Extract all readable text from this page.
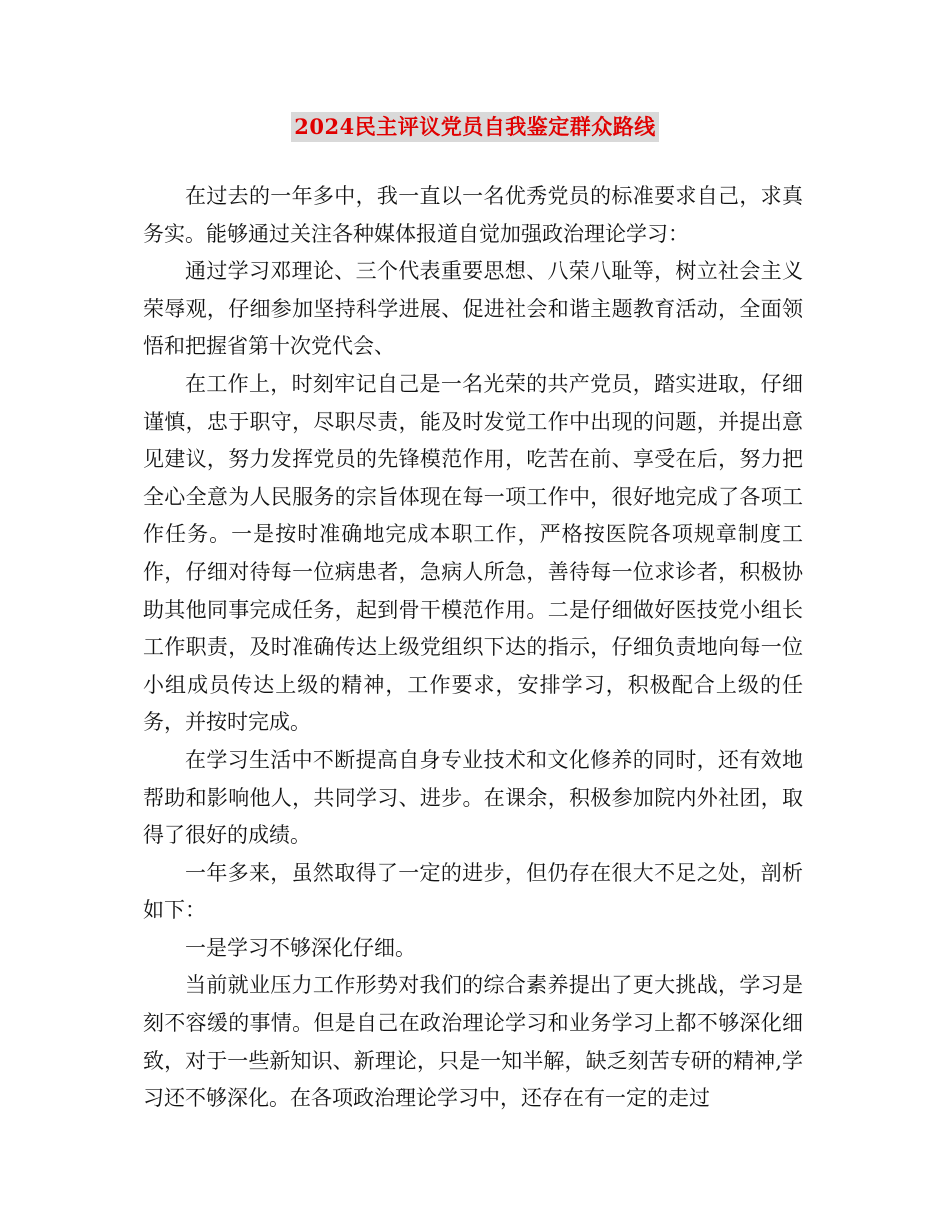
2024民主评议党员自我鉴定群众路线

在过去的一年多中，我一直以一名优秀党员的标准要求自己，求真务实。能够通过关注各种媒体报道自觉加强政治理论学习：

通过学习邓理论、三个代表重要思想、八荣八耻等，树立社会主义荣辱观，仔细参加坚持科学进展、促进社会和谐主题教育活动，全面领悟和把握省第十次党代会、

在工作上，时刻牢记自己是一名光荣的共产党员，踏实进取，仔细谨慎，忠于职守，尽职尽责，能及时发觉工作中出现的问题，并提出意见建议，努力发挥党员的先锋模范作用，吃苦在前、享受在后，努力把全心全意为人民服务的宗旨体现在每一项工作中，很好地完成了各项工作任务。一是按时准确地完成本职工作，严格按医院各项规章制度工作，仔细对待每一位病患者，急病人所急，善待每一位求诊者，积极协助其他同事完成任务，起到骨干模范作用。二是仔细做好医技党小组长工作职责，及时准确传达上级党组织下达的指示，仔细负责地向每一位小组成员传达上级的精神，工作要求，安排学习，积极配合上级的任务，并按时完成。

在学习生活中不断提高自身专业技术和文化修养的同时，还有效地帮助和影响他人，共同学习、进步。在课余，积极参加院内外社团，取得了很好的成绩。

一年多来，虽然取得了一定的进步，但仍存在很大不足之处，剖析如下：

一是学习不够深化仔细。

当前就业压力工作形势对我们的综合素养提出了更大挑战，学习是刻不容缓的事情。但是自己在政治理论学习和业务学习上都不够深化细致，对于一些新知识、新理论，只是一知半解，缺乏刻苦专研的精神,学习还不够深化。在各项政治理论学习中，还存在有一定的走过
